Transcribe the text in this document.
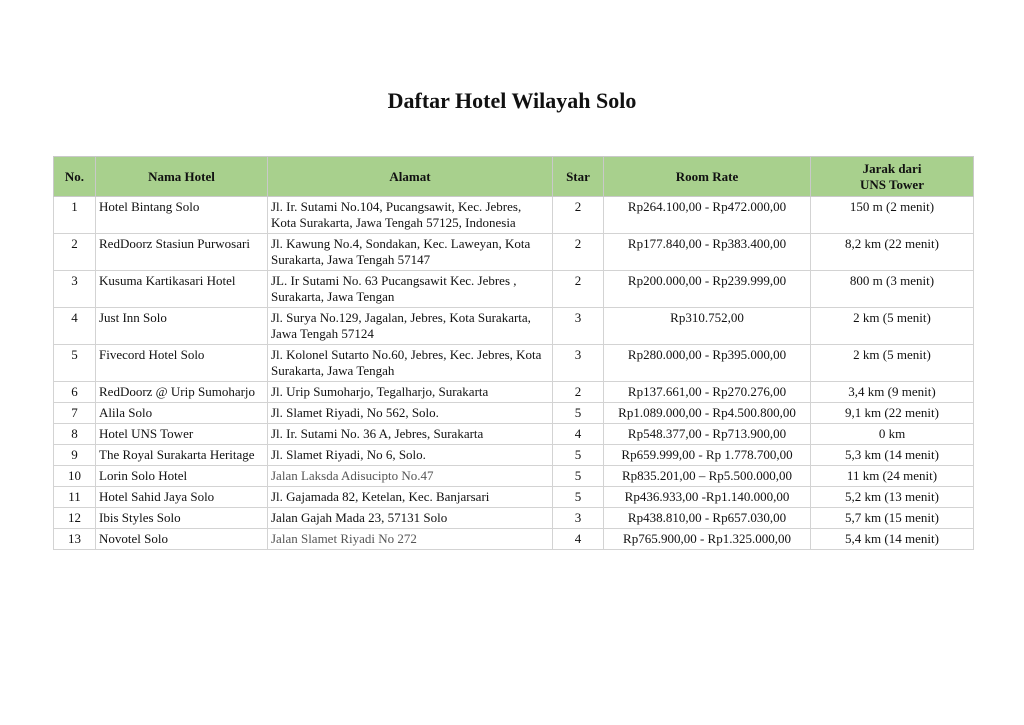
Daftar Hotel Wilayah Solo
No.	Nama Hotel	Alamat	Star	Room Rate	Jarak dari
UNS Tower
1	Hotel Bintang Solo	Jl. Ir. Sutami No.104, Pucangsawit, Kec. Jebres, Kota Surakarta, Jawa Tengah 57125, Indonesia	2	Rp264.100,00 - Rp472.000,00	150 m (2 menit)
2	RedDoorz Stasiun Purwosari	Jl. Kawung No.4, Sondakan, Kec. Laweyan, Kota Surakarta, Jawa Tengah 57147	2	Rp177.840,00 - Rp383.400,00	8,2 km (22 menit)
3	Kusuma Kartikasari Hotel	JL. Ir Sutami No. 63 Pucangsawit Kec. Jebres , Surakarta, Jawa Tengan	2	Rp200.000,00 - Rp239.999,00	800 m (3 menit)
4	Just Inn Solo	Jl. Surya No.129, Jagalan, Jebres, Kota Surakarta, Jawa Tengah 57124	3	Rp310.752,00	2 km (5 menit)
5	Fivecord Hotel Solo	Jl. Kolonel Sutarto No.60, Jebres, Kec. Jebres, Kota Surakarta, Jawa Tengah	3	Rp280.000,00 - Rp395.000,00	2 km (5 menit)
6	RedDoorz @ Urip Sumoharjo	Jl. Urip Sumoharjo, Tegalharjo, Surakarta	2	Rp137.661,00 - Rp270.276,00	3,4 km (9 menit)
7	Alila Solo	Jl. Slamet Riyadi, No 562, Solo.	5	Rp1.089.000,00 - Rp4.500.800,00	9,1 km (22 menit)
8	Hotel UNS Tower	Jl. Ir. Sutami No. 36 A, Jebres, Surakarta	4	Rp548.377,00 - Rp713.900,00	0 km
9	The Royal Surakarta Heritage	Jl. Slamet Riyadi, No 6, Solo.	5	Rp659.999,00 - Rp 1.778.700,00	5,3 km (14 menit)
10	Lorin Solo Hotel	Jalan Laksda Adisucipto No.47	5	Rp835.201,00 – Rp5.500.000,00	11 km (24 menit)
11	Hotel Sahid Jaya Solo	Jl. Gajamada 82, Ketelan, Kec. Banjarsari	5	Rp436.933,00 -Rp1.140.000,00	5,2 km (13 menit)
12	Ibis Styles Solo	Jalan Gajah Mada 23, 57131 Solo	3	Rp438.810,00 - Rp657.030,00	5,7 km (15 menit)
13	Novotel Solo	Jalan Slamet Riyadi No 272	4	Rp765.900,00 - Rp1.325.000,00	5,4 km (14 menit)
